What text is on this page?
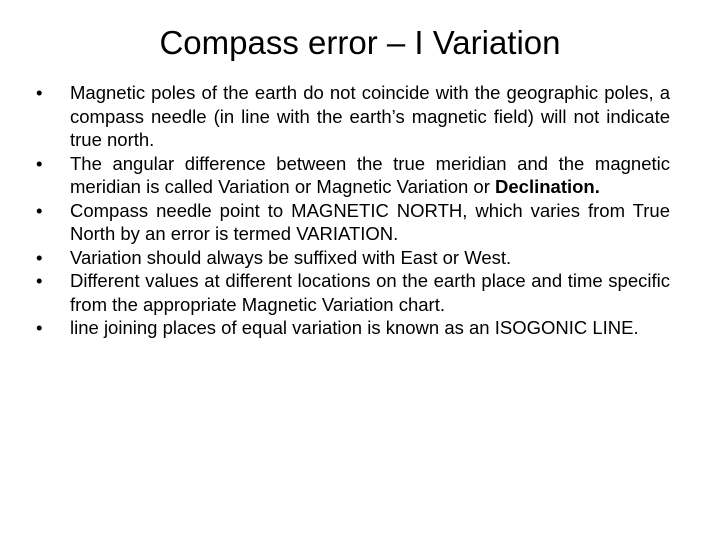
Compass error – I Variation
•	Magnetic poles of the earth do not coincide with the geographic poles, a compass needle (in line with the earth’s magnetic field) will not indicate true north.
•	The angular difference between the true meridian and the magnetic meridian is called Variation or Magnetic Variation or Declination.
•	Compass needle point to MAGNETIC NORTH, which varies from True North by an error is termed VARIATION.
•	Variation should always be suffixed with East or West.
•	Different values at different locations on the earth place and time specific from the appropriate Magnetic Variation chart.
•	line joining places of equal variation is known as an ISOGONIC LINE.
